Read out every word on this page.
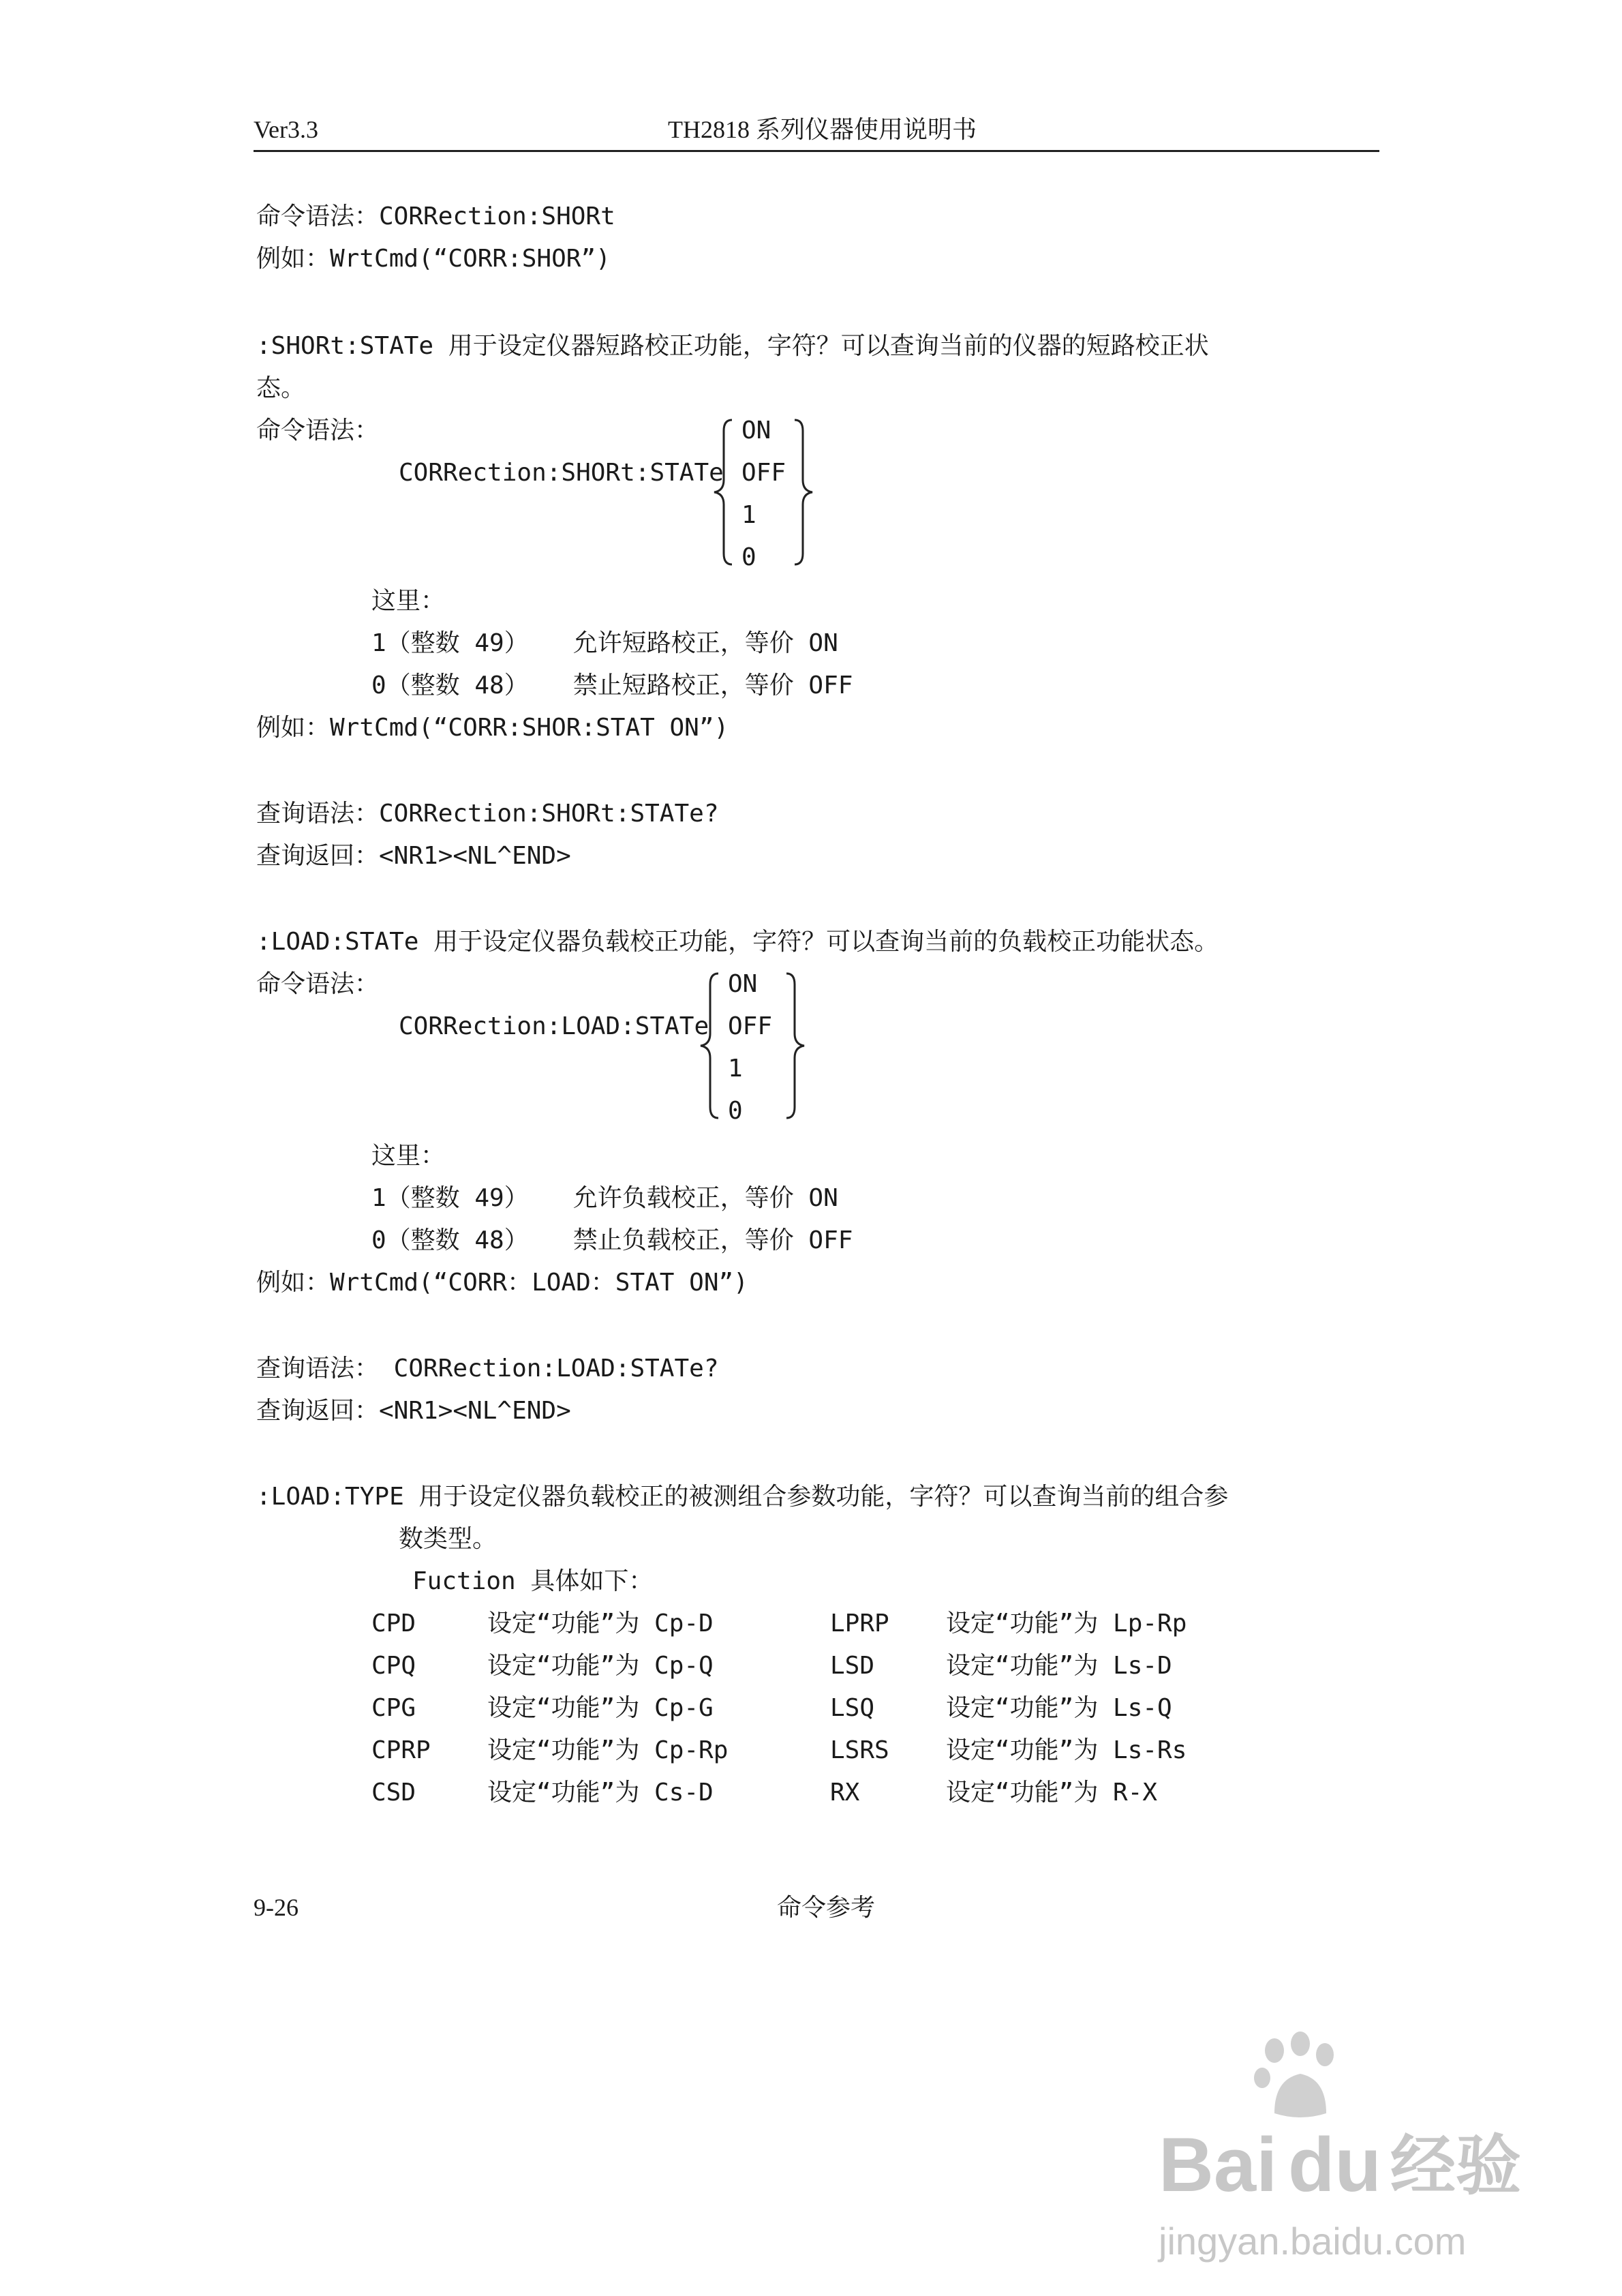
Ver3.3	TH2818 系列仪器使用说明书
命令语法：CORRection:SHORt
例如：WrtCmd(“CORR:SHOR”)
:SHORt:STATe 用于设定仪器短路校正功能，字符？可以查询当前的仪器的短路校正状
态。
命令语法：
CORRection:SHORt:STATe
ON
OFF
1
0
这里：
1（整数 49）   允许短路校正，等价 ON
0（整数 48）   禁止短路校正，等价 OFF
例如：WrtCmd(“CORR:SHOR:STAT ON”)
查询语法：CORRection:SHORt:STATe?
查询返回：<NR1><NL^END>
:LOAD:STATe 用于设定仪器负载校正功能，字符？可以查询当前的负载校正功能状态。
命令语法：
CORRection:LOAD:STATe
ON
OFF
1
0
这里：
1（整数 49）   允许负载校正，等价 ON
0（整数 48）   禁止负载校正，等价 OFF
例如：WrtCmd(“CORR：LOAD：STAT ON”)
查询语法： CORRection:LOAD:STATe?
查询返回：<NR1><NL^END>
:LOAD:TYPE 用于设定仪器负载校正的被测组合参数功能，字符？可以查询当前的组合参
数类型。
Fuction 具体如下：
CPD	设定“功能”为 Cp-D	LPRP 设定“功能”为 Lp-Rp
CPQ	设定“功能”为 Cp-Q	LSD	设定“功能”为 Ls-D
CPG	设定“功能”为 Cp-G	LSQ	设定“功能”为 Ls-Q
CPRP 设定“功能”为 Cp-Rp	LSRS 设定“功能”为 Ls-Rs
CSD	设定“功能”为 Cs-D	RX	设定“功能”为 R-X
9-26	命令参考
Bai du 经验
jingyan.baidu.com
